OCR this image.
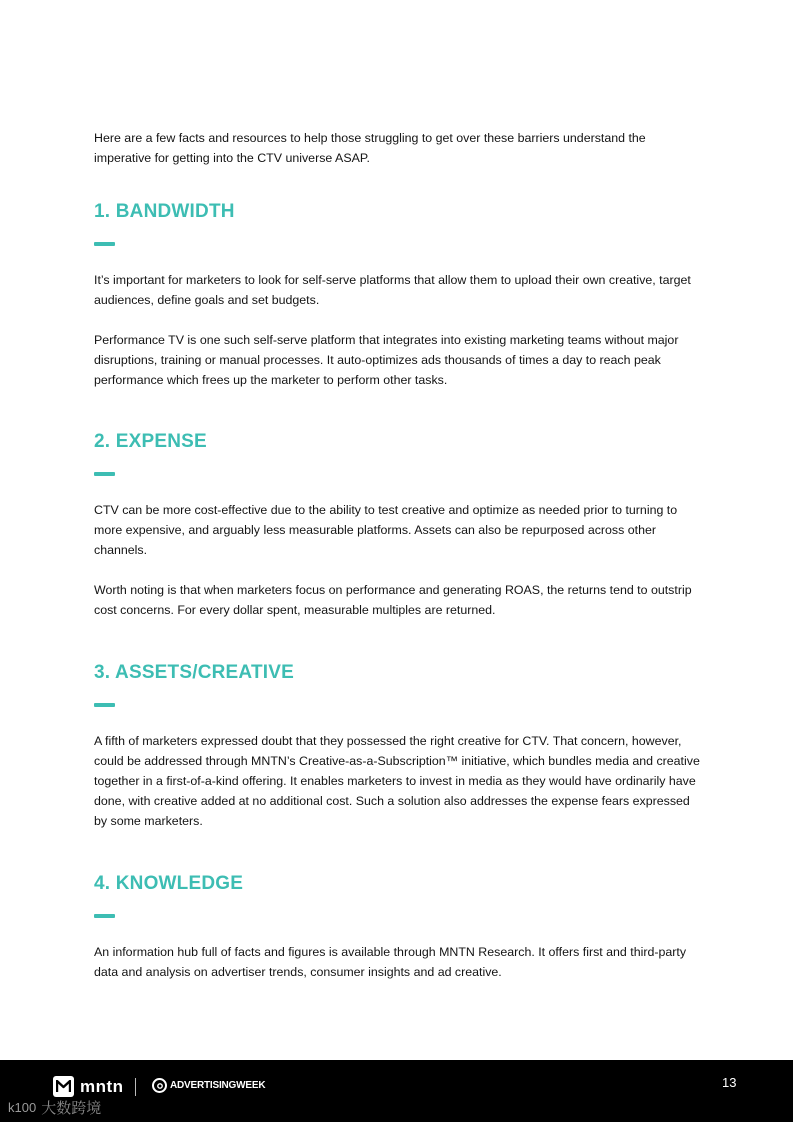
Here are a few facts and resources to help those struggling to get over these barriers understand the imperative for getting into the CTV universe ASAP.

1. BANDWIDTH

It’s important for marketers to look for self-serve platforms that allow them to upload their own creative, target audiences, define goals and set budgets.

Performance TV is one such self-serve platform that integrates into existing marketing teams without major disruptions, training or manual processes. It auto-optimizes ads thousands of times a day to reach peak performance which frees up the marketer to perform other tasks.

2. EXPENSE

CTV can be more cost-effective due to the ability to test creative and optimize as needed prior to turning to more expensive, and arguably less measurable platforms. Assets can also be repurposed across other channels.

Worth noting is that when marketers focus on performance and generating ROAS, the returns tend to outstrip cost concerns. For every dollar spent, measurable multiples are returned.

3. ASSETS/CREATIVE

A fifth of marketers expressed doubt that they possessed the right creative for CTV. That concern, however, could be addressed through MNTN’s Creative-as-a-Subscription™ initiative, which bundles media and creative together in a first-of-a-kind offering. It enables marketers to invest in media as they would have ordinarily have done, with creative added at no additional cost. Such a solution also addresses the expense fears expressed by some marketers.

4. KNOWLEDGE

An information hub full of facts and figures is available through MNTN Research. It offers first and third-party data and analysis on advertiser trends, consumer insights and ad creative.

mntn	ADVERTISINGWEEK	13
k100 大数跨境
